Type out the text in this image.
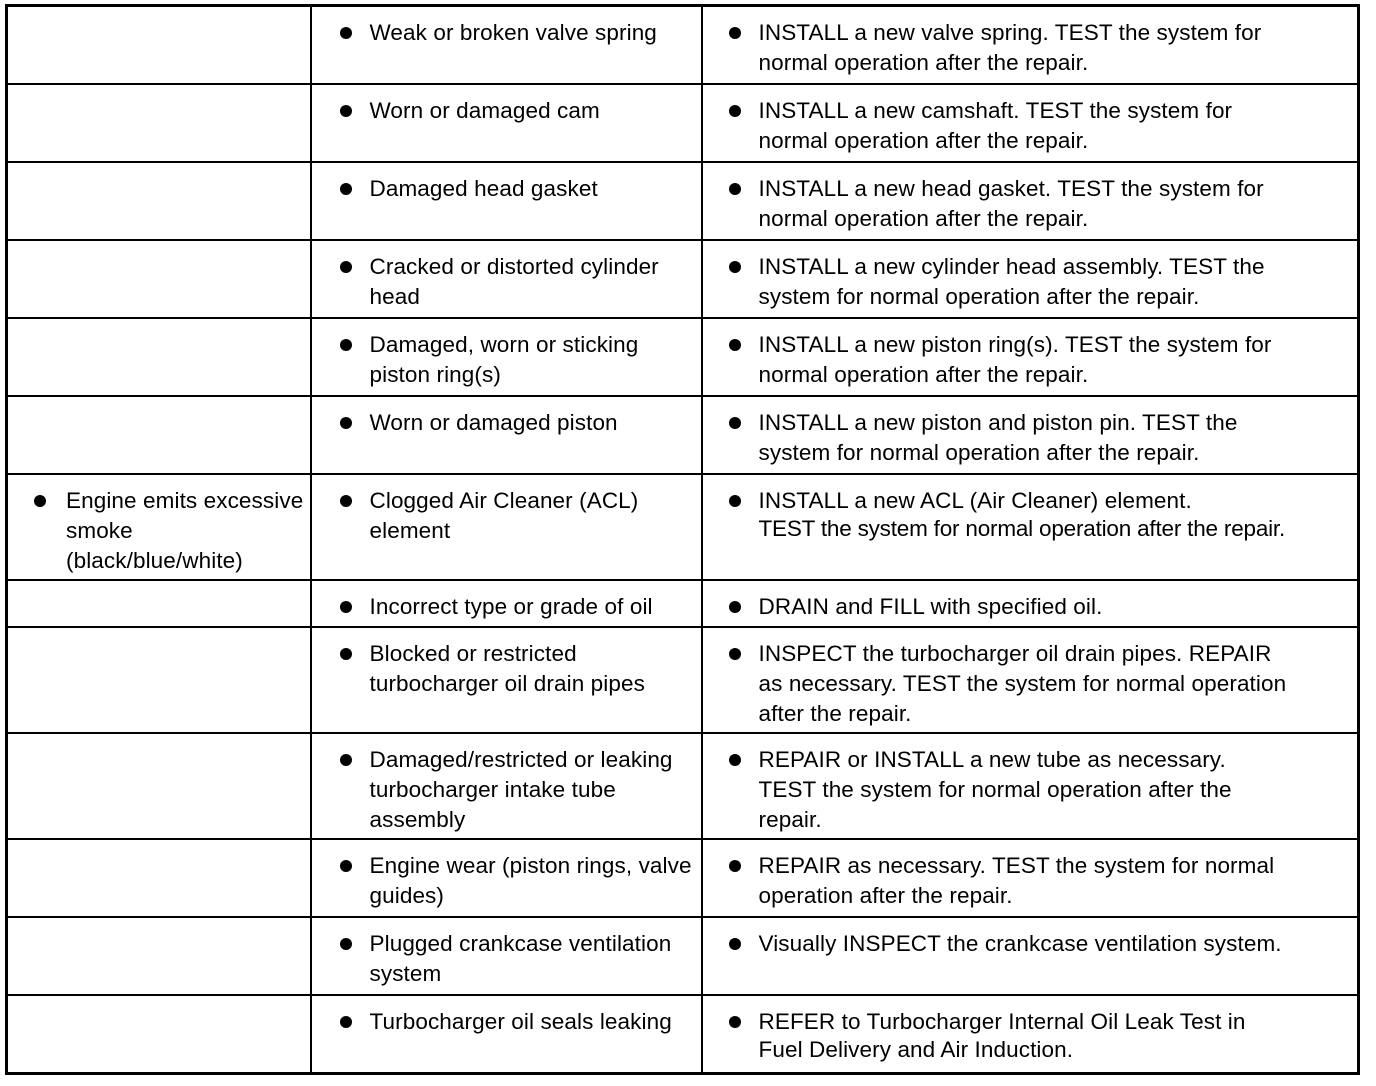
	Weak or broken valve spring	INSTALL a new valve spring. TEST the system for
normal operation after the repair.

	Worn or damaged cam	INSTALL a new camshaft. TEST the system for
normal operation after the repair.

	Damaged head gasket	INSTALL a new head gasket. TEST the system for
normal operation after the repair.

	Cracked or distorted cylinder head	INSTALL a new cylinder head assembly. TEST the
system for normal operation after the repair.

	Damaged, worn or sticking piston ring(s)	INSTALL a new piston ring(s). TEST the system for
normal operation after the repair.

	Worn or damaged piston	INSTALL a new piston and piston pin. TEST the
system for normal operation after the repair.

Engine emits excessive smoke (black/blue/white)	Clogged Air Cleaner (ACL) element	INSTALL a new ACL (Air Cleaner) element.
TEST the system for normal operation after the repair.

	Incorrect type or grade of oil	DRAIN and FILL with specified oil.

	Blocked or restricted turbocharger oil drain pipes	INSPECT the turbocharger oil drain pipes. REPAIR
as necessary. TEST the system for normal operation
after the repair.

	Damaged/restricted or leaking turbocharger intake tube assembly	REPAIR or INSTALL a new tube as necessary.
TEST the system for normal operation after the
repair.

	Engine wear (piston rings, valve guides)	REPAIR as necessary. TEST the system for normal
operation after the repair.

	Plugged crankcase ventilation system	Visually INSPECT the crankcase ventilation system.

	Turbocharger oil seals leaking	REFER to Turbocharger Internal Oil Leak Test in
Fuel Delivery and Air Induction.
